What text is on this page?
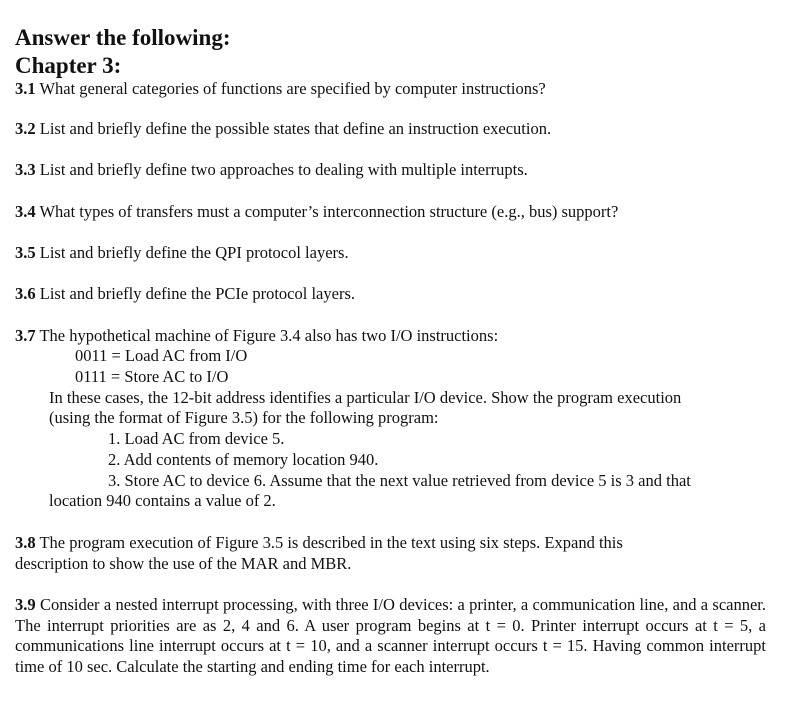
Answer the following:
Chapter 3:
3.1 What general categories of functions are specified by computer instructions?
3.2 List and briefly define the possible states that define an instruction execution.
3.3 List and briefly define two approaches to dealing with multiple interrupts.
3.4 What types of transfers must a computer’s interconnection structure (e.g., bus) support?
3.5 List and briefly define the QPI protocol layers.
3.6 List and briefly define the PCIe protocol layers.
3.7 The hypothetical machine of Figure 3.4 also has two I/O instructions:
0011 = Load AC from I/O
0111 = Store AC to I/O
In these cases, the 12-bit address identifies a particular I/O device. Show the program execution
(using the format of Figure 3.5) for the following program:
1. Load AC from device 5.
2. Add contents of memory location 940.
3. Store AC to device 6. Assume that the next value retrieved from device 5 is 3 and that
location 940 contains a value of 2.
3.8 The program execution of Figure 3.5 is described in the text using six steps. Expand this
description to show the use of the MAR and MBR.
3.9 Consider a nested interrupt processing, with three I/O devices: a printer, a communication line, and a scanner. The interrupt priorities are as 2, 4 and 6. A user program begins at t = 0. Printer interrupt occurs at t = 5, a communications line interrupt occurs at t = 10, and a scanner interrupt occurs t = 15. Having common interrupt time of 10 sec. Calculate the starting and ending time for each interrupt.
